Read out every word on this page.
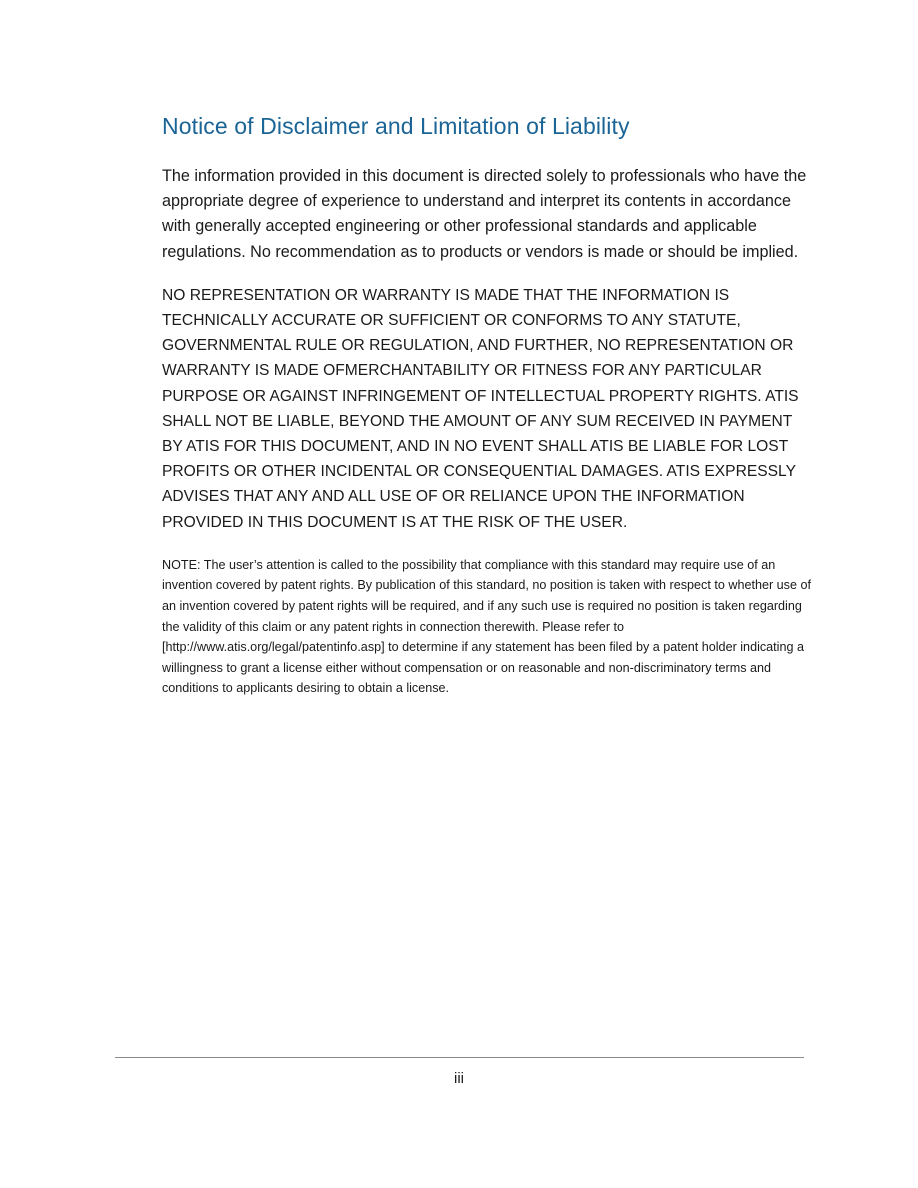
Notice of Disclaimer and Limitation of Liability

The information provided in this document is directed solely to professionals who have the appropriate degree of experience to understand and interpret its contents in accordance with generally accepted engineering or other professional standards and applicable regulations. No recommendation as to products or vendors is made or should be implied.

NO REPRESENTATION OR WARRANTY IS MADE THAT THE INFORMATION IS TECHNICALLY ACCURATE OR SUFFICIENT OR CONFORMS TO ANY STATUTE, GOVERNMENTAL RULE OR REGULATION, AND FURTHER, NO REPRESENTATION OR WARRANTY IS MADE OFMERCHANTABILITY OR FITNESS FOR ANY PARTICULAR PURPOSE OR AGAINST INFRINGEMENT OF INTELLECTUAL PROPERTY RIGHTS. ATIS SHALL NOT BE LIABLE, BEYOND THE AMOUNT OF ANY SUM RECEIVED IN PAYMENT BY ATIS FOR THIS DOCUMENT, AND IN NO EVENT SHALL ATIS BE LIABLE FOR LOST PROFITS OR OTHER INCIDENTAL OR CONSEQUENTIAL DAMAGES. ATIS EXPRESSLY ADVISES THAT ANY AND ALL USE OF OR RELIANCE UPON THE INFORMATION PROVIDED IN THIS DOCUMENT IS AT THE RISK OF THE USER.

NOTE: The user’s attention is called to the possibility that compliance with this standard may require use of an invention covered by patent rights. By publication of this standard, no position is taken with respect to whether use of an invention covered by patent rights will be required, and if any such use is required no position is taken regarding the validity of this claim or any patent rights in connection therewith. Please refer to [http://www.atis.org/legal/patentinfo.asp] to determine if any statement has been filed by a patent holder indicating a willingness to grant a license either without compensation or on reasonable and non-discriminatory terms and conditions to applicants desiring to obtain a license.

iii
